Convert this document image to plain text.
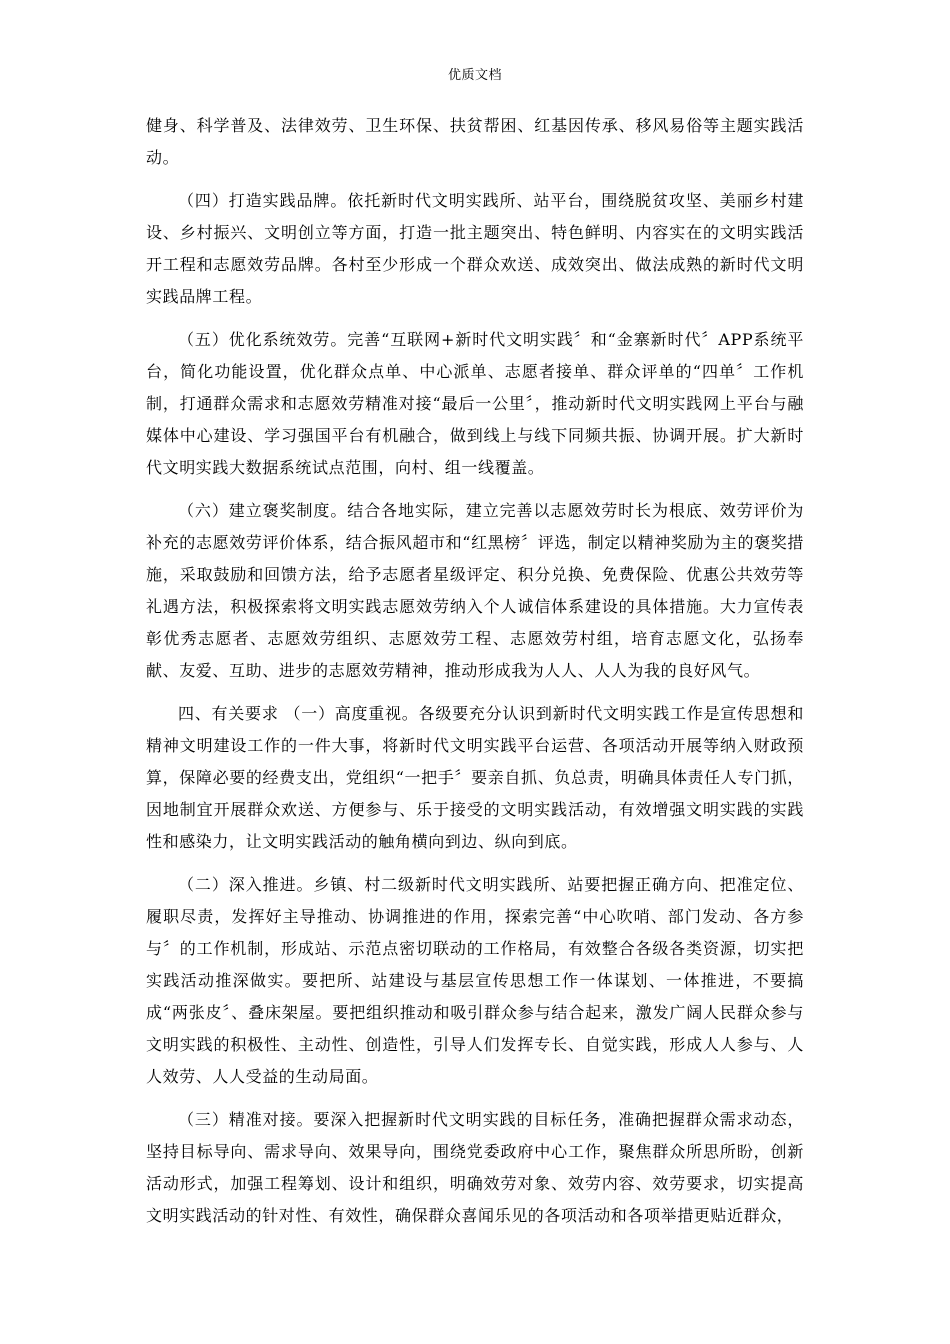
优质文档

健身、科学普及、法律效劳、卫生环保、扶贫帮困、红基因传承、移风易俗等主题实践活动。

（四）打造实践品牌。依托新时代文明实践所、站平台，围绕脱贫攻坚、美丽乡村建设、乡村振兴、文明创立等方面，打造一批主题突出、特色鲜明、内容实在的文明实践活开工程和志愿效劳品牌。各村至少形成一个群众欢送、成效突出、做法成熟的新时代文明实践品牌工程。

（五）优化系统效劳。完善“互联网+新时代文明实践〞和“金寨新时代〞APP系统平台，简化功能设置，优化群众点单、中心派单、志愿者接单、群众评单的“四单〞工作机制，打通群众需求和志愿效劳精准对接“最后一公里〞，推动新时代文明实践网上平台与融媒体中心建设、学习强国平台有机融合，做到线上与线下同频共振、协调开展。扩大新时代文明实践大数据系统试点范围，向村、组一线覆盖。

（六）建立褒奖制度。结合各地实际，建立完善以志愿效劳时长为根底、效劳评价为补充的志愿效劳评价体系，结合振风超市和“红黑榜〞评选，制定以精神奖励为主的褒奖措施，采取鼓励和回馈方法，给予志愿者星级评定、积分兑换、免费保险、优惠公共效劳等礼遇方法，积极探索将文明实践志愿效劳纳入个人诚信体系建设的具体措施。大力宣传表彰优秀志愿者、志愿效劳组织、志愿效劳工程、志愿效劳村组，培育志愿文化，弘扬奉献、友爱、互助、进步的志愿效劳精神，推动形成我为人人、人人为我的良好风气。

四、有关要求 （一）高度重视。各级要充分认识到新时代文明实践工作是宣传思想和精神文明建设工作的一件大事，将新时代文明实践平台运营、各项活动开展等纳入财政预算，保障必要的经费支出，党组织“一把手〞要亲自抓、负总责，明确具体责任人专门抓，因地制宜开展群众欢送、方便参与、乐于接受的文明实践活动，有效增强文明实践的实践性和感染力，让文明实践活动的触角横向到边、纵向到底。

（二）深入推进。乡镇、村二级新时代文明实践所、站要把握正确方向、把准定位、履职尽责，发挥好主导推动、协调推进的作用，探索完善“中心吹哨、部门发动、各方参与〞的工作机制，形成站、示范点密切联动的工作格局，有效整合各级各类资源，切实把实践活动推深做实。要把所、站建设与基层宣传思想工作一体谋划、一体推进，不要搞成“两张皮〞、叠床架屋。要把组织推动和吸引群众参与结合起来，激发广阔人民群众参与文明实践的积极性、主动性、创造性，引导人们发挥专长、自觉实践，形成人人参与、人人效劳、人人受益的生动局面。

（三）精准对接。要深入把握新时代文明实践的目标任务，准确把握群众需求动态，坚持目标导向、需求导向、效果导向，围绕党委政府中心工作，聚焦群众所思所盼，创新活动形式，加强工程筹划、设计和组织，明确效劳对象、效劳内容、效劳要求，切实提高文明实践活动的针对性、有效性，确保群众喜闻乐见的各项活动和各项举措更贴近群众，
